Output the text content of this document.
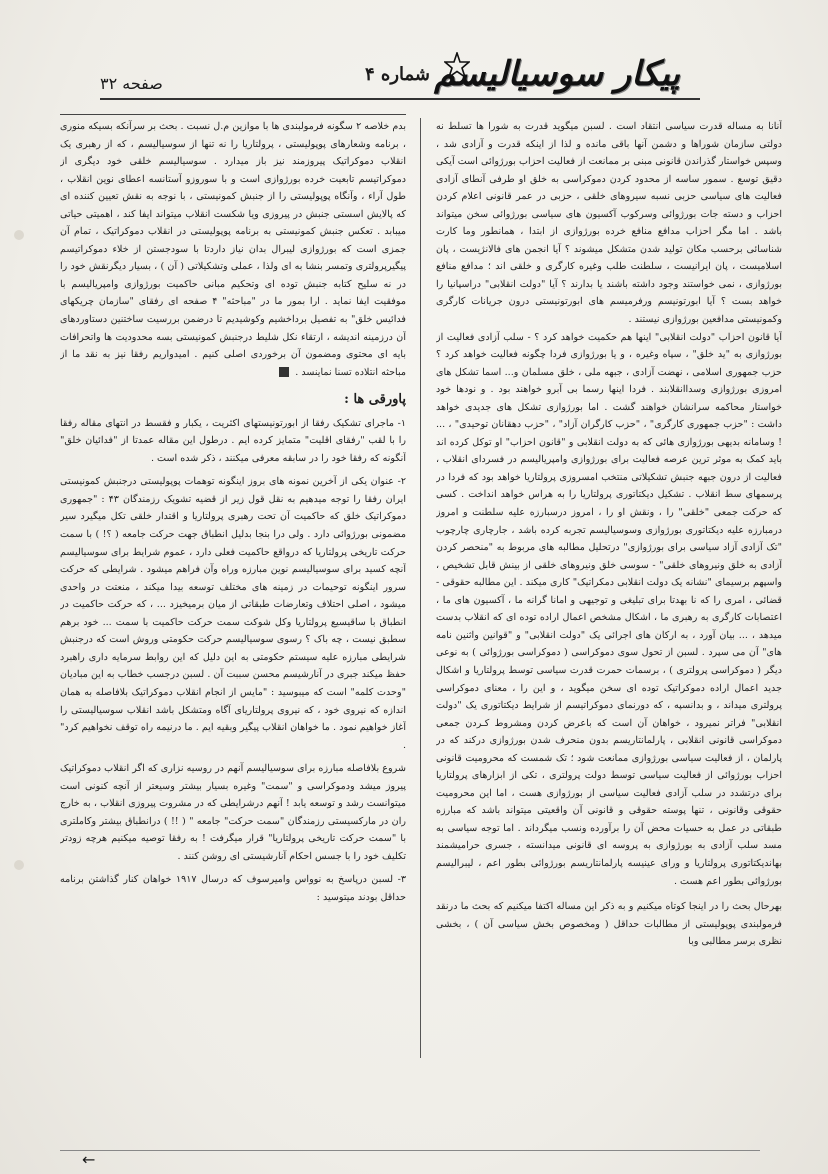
پیکار سوسیالیسم
شماره ۴
صفحه ۳۲

آنانا به مساله قدرت سیاسی انتقاد است . لسبن میگوید قدرت به شورا ها تسلط نه دولتی سازمان شوراها و دشمن آنها باقی مانده و لذا از اینکه قدرت و آزادی شد ، وسپس خواستار گذراندن قانونی مبنی بر ممانعت از فعالیت احزاب بورژوائی است آیکی دقیق توسع . سمور ساسه از محدود کردن دموکراسی به خلق او طرفی آنطای آزادی فعالیت های سیاسی حزبی نسبه سیروهای خلقی ، حزبی در عمر قانونی اعلام کردن احزاب و دسته جات بورژوائی وسرکوب آکسیون های سیاسی بورژوائی سخن میتواند باشد . اما مگر احزاب مدافع منافع خرده بورژوازی از ابتدا ، همانطور وما کارت شناسائی برحسب مکان تولید شدن متشکل میشوند ؟ آیا انجمن های فالانژیست ، پان اسلامیست ، پان ایرانیست ، سلطنت طلب وغیره کارگری و خلقی اند ؛ مدافع منافع بورژوازی ، نمی خواستند وجود داشته باشند یا بدارند ؟ آیا "دولت انقلابی" دراسپانیا را خواهد بست ؟ آیا ابورتونیسم ورفرمیسم های ابورتونیستی درون جریانات کارگری وکمونیستی مدافعین بورژوازی نیستند .

آیا قانون احزاب "دولت انقلابی" اینها هم حکمیت خواهد کرد ؟ - سلب آزادی فعالیت از بورژوازی به "ید خلق" ، سپاه وغیره ، و یا بورژوازی فردا چگونه فعالیت خواهد کرد ؟ حزب جمهوری اسلامی ، نهضت آزادی ، جبهه ملی ، خلق مسلمان و... اسما تشکل های امروزی بورژوازی وسداانقلابند . فردا اینها رسما بی آبرو خواهند بود . و نودها خود خواستار محاکمه سرانشان خواهند گشت . اما بورژوازی تشکل های جدیدی خواهد داشت : "حزب جمهوری کارگری" ، "حزب کارگران آزاد" ، "حزب دهقانان توحیدی" ، ... ! وسامانه بدیهی بورژوازی هائی که به دولت انقلابی و "قانون احزاب" او توکل کرده اند باید کمک به موثر ترین عرصه فعالیت برای بورژوازی وامپریالیسم در فسردای انقلاب ، فعالیت از درون جبهه جنبش تشکیلاتی منتخب امسروزی پرولتاریا خواهد بود که فردا در پرسمهای سط انقلاب . تشکیل دیکتاتوری پرولتاریا را به هراس خواهد انداخت . کسی که حرکت جمعی "خلقی" را ، ونقش او را ، امروز درسبارزه علیه سلطنت و امروز درمبارزه علیه دیکتاتوری بورژوازی وسوسیالیسم تجربه کرده باشد ، جارچاری چارچوب "تک آزادی آزاد سیاسی برای بورژوازی" درتحلیل مطالبه های مربوط به "منحصر کردن آزادی به خلق ونیروهای خلقی" - سوسی خلق ونیروهای خلقی از بینش قابل تشخیص ، واسپهم برسیمای "نشانه یک دولت انقلابی دمکراتیک" کاری میکند . این مطالبه حقوقی - قضائی ، امری را که نا بهدتا برای تبلیغی و توجیهی و امانا گرانه ما ، آکسیون های ما ، اعتصابات کارگری به رهبری ما ، اشکال مشخص اعمال اراده توده ای که انقلاب بدست میدهد ، ... بیان آورد ، به ارکان های اجرائی یک "دولت انقلابی" و "قوانین واثنین نامه های" آن می سپرد . لسبن از تحول سوی دموکراسی ( دموکراسی بورژوائی ) به نوعی دیگر ( دموکراسی پرولتری ) ، برسمات حمرت قدرت سیاسی توسط پرولتاریا و اشکال جدید اعمال اراده دموکراتیک توده ای سخن میگوید ، و این را ، معنای دموکراسی پرولتری میداند ، و بدانسپه ، که دورنمای دموکراتیسم از شرایط دیکتاتوری یک "دولت انقلابی" فراتر نمیرود ، خواهان آن است که باعرض کردن ومشروط کـردن جمعی دموکراسی قانونی انقلابی ، پارلمانتاریسم بدون منحرف شدن بورژوازی درکند که در پارلمان ، از فعالیت سیاسی بورژوازی ممانعت شود ؛ تک شمست که محرومیت قانونی احزاب بورژوائی از فعالیت سیاسی توسط دولت پرولتری ، تکی از ابزارهای پرولتاریا برای درتشدد در سلب آزادی فعالیت سیاسی از بورژوازی هست ، اما این محرومیت حقوقی وقانونی ، تنها پوسته حقوقی و قانونی آن واقعیتی میتواند باشد که مبارزه طبقاتی در عمل به حسیات محض آن را برآورده ونسب میگرداند . اما توجه سیاسی به مسد سلب آزادی به بورژوازی به پروسه ای قانونی میدانسته ، جسری حرامیشمند بهاندیکتاتوری پرولتاریا و ورای عینیسه پارلمانتاریسم بورژوائی بطور اعم ، لیبرالیسم بورژوائی بطور اعم هست .

بهرحال بحث را در اینجا کوتاه میکنیم و به ذکر این مساله اکتفا میکنیم که بحث ما درنقد فرمولبندی پوپولیستی از مطالبات حداقل ( ومخصوص بخش سیاسی آن ) ، بخشی نظری برسر مطالبی وبا

بدم خلاصه ۲ سگونه فرمولبندی ها با موازین م.ل نسبت . بحث بر سرآنکه بسیکه منوری ، برنامه وشعارهای پوپولیستی ، پرولتاریا را نه تنها از سوسیالیسم ، که از رهبری یک انقلاب دموکراتیک پیروزمند نیز باز میدارد . سوسیالیسم خلقی خود دیگری از دموکراتیسم تابعیت خرده بورژوازی است و با سوروزو آستانسه اعطای نوین انقلاب ، طول آراء ، وآنگاه پوپولیستی را از جنبش کمونیستی ، با نوجه به نقش تعیین کننده ای که پالایش اسستی جنبش در پیروزی ویا شکست انقلاب میتواند ایفا کند ، اهمیتی حیاتی میبابد . تعکس جنبش کمونیستی به برنامه پوپولیستی در انقلاب دموکراتیک ، تمام آن جمزی است که بورژوازی لیبرال بدان نیاز داردتا با سودجستن از خلاء دموکراتیسم پیگیرپرولتری وتمسر بنشا به ای ولذا ، عملی وتشکیلاتی ( آن ) ، بسیار دیگرنقش خود را در نه سلیح کتابه جنبش توده ای وتحکیم مبانی حاکمیت بورژوازی وامپریالیسم با موفقیت ایفا نماید . ارا بمور ما در "مباحثه" ۴ صفحه ای رفقای "سازمان چریکهای فدائیس خلق" به تفصیل برداخشیم وکوشیدیم تا درضمن بررسیت ساختنین دستاوردهای آن درزمینه اندیشه ، ارتقاء نکل شلیط درجنبش کمونیستی بسه محدودیت ها واتحرافات بایه ای محتوی ومضمون آن برخوردی اصلی کنیم . امیدواریم رفقا نیز به نقد ما از مباحثه انتلاده تسنا نماینسد .

پاورقی ها :

۱- ماجرای تشکیک رفقا از ابورتونیستهای اکثریت ، یکبار و فقسط در انتهای مقاله رفقا را با لقب "رفقای اقلیت" متمایز کرده ایم . درطول این مقاله عمدتا از "فدائیان خلق" آنگونه که رفقا خود را در سابقه معرفی میکنند ، ذکر شده است .

۲- عنوان یکی از آخرین نمونه های بروز اینگونه توهمات پوپولیستی درجنبش کمونیستی ایران رفقا را توجه میدهیم به نقل قول زیر از قضیه تشویک رزمندگان ۴۳ : "جمهوری دموکراتیک خلق که حاکمیت آن تحت رهبری پرولتاریا و اقتدار خلقی تکل میگیرد سیر مضمونی بورژوائی دارد . ولی درا بنجا بدلیل انطباق جهت حرکت جامعه ( ؟! ) با سمت حرکت تاریخی پرولتاریا که درواقع حاکمیت فعلی دارد ، عموم شرایط برای سوسیالیسم آنچه کسید برای سوسیالیسم نوین مبارزه وراه وآن فراهم میشود . شرایطی که حرکت سرور اینگونه توحیمات در زمینه های مختلف توسعه بیدا میکند ، منعتت در واحدی میشود ، اصلی احتلاف وتعارضات طبقاتی از میان برمیخیزد ... ، که حرکت حاکمیت در انطباق با ساقیسیع پرولتاریا وکل شوکت سمت حرکت حاکمیت با سمت ... خود برهم سطبق نیست ، چه باک ؟ رسوی سوسیالیسم حرکت حکومتی وروش است که درجنبش شرایطی مبارزه علیه سیستم حکومتی به این دلیل که این روابط سرمایه داری راهبرد حفظ میکند جبری در آنارشیسم محسن سببت آن . لسبن درجسب خطاب به این مبادیان "وحدت کلمه" است که میبوسید : "مایس از انجام انقلاب دموکراتیک بلافاصله به همان اندازه که نیروی خود ، که نیروی پرولتاریای آگاه ومتشکل باشد انقلاب سوسیالیستی را آغاز خواهیم نمود . ما خواهان انقلاب پیگیر وبقیه ایم . ما درنیمه راه توقف نخواهیم کرد" .

شروع بلافاصله مبارزه برای سوسیالیسم آنهم در روسیه نزاری که اگر انقلاب دموکراتیک پیروز میشد ودموکراسی و "سمت" وغیره بسیار بیشتر وسیعتر از آنچه کنونی است میتوانست رشد و توسعه یابد ! آنهم درشرایطی که در مشروت پیروزی انقلاب ، به خارج ران در مارکسیستی رزمندگان "سمت حرکت" جامعه " ( !! ) درانطباق بیشتر وکاملتری با "سمت حرکت تاریخی پرولتاریا" قرار میگرفت ! به رفقا توصیه میکنیم هرچه زودتر تکلیف خود را با جسس احکام آنارشیستی ای روشن کنند .

۳- لسبن درپاسخ به نوواس وامیرسوف که درسال ۱۹۱۷ خواهان کنار گذاشتن برنامه حداقل بودند میتوسید :

←
